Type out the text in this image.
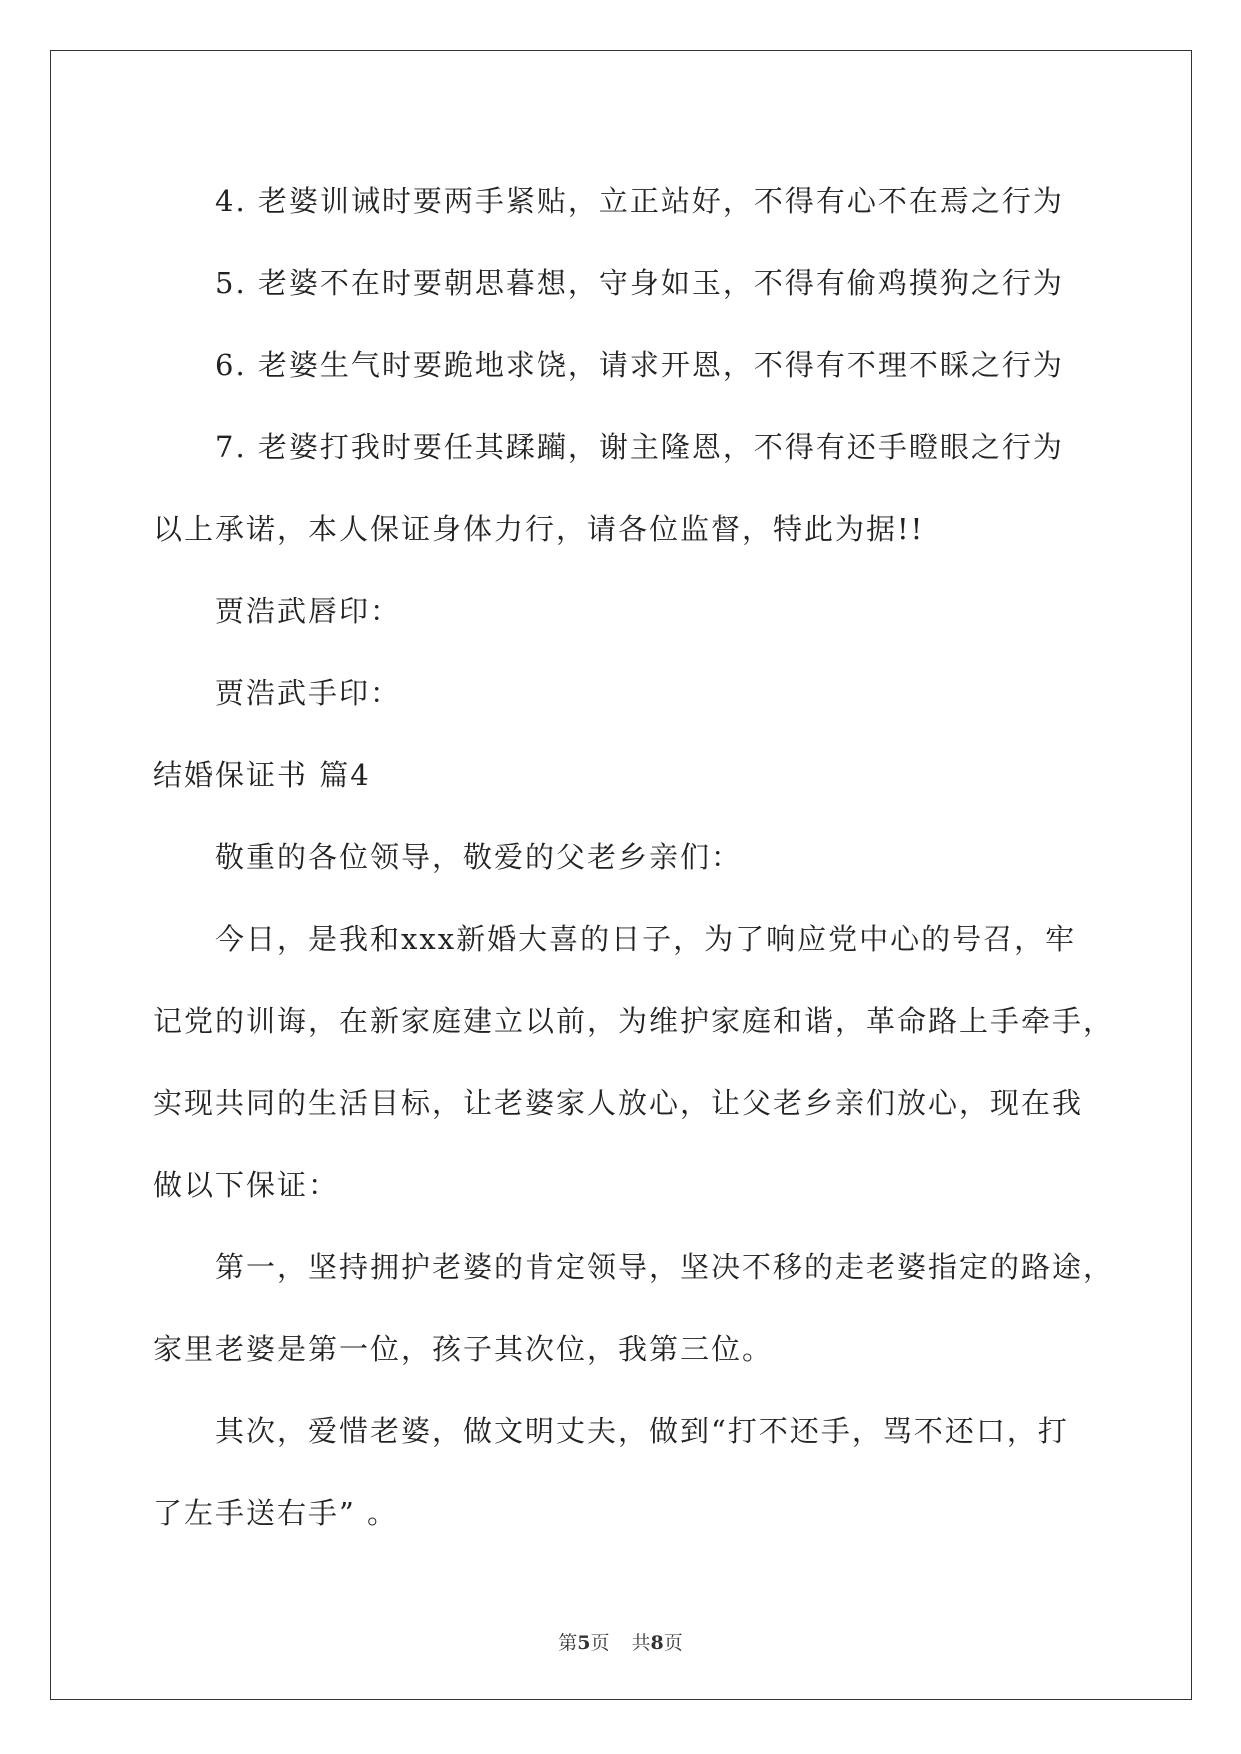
4. 老婆训诫时要两手紧贴，立正站好，不得有心不在焉之行为
5. 老婆不在时要朝思暮想，守身如玉，不得有偷鸡摸狗之行为
6. 老婆生气时要跪地求饶，请求开恩，不得有不理不睬之行为
7. 老婆打我时要任其蹂躏，谢主隆恩，不得有还手瞪眼之行为
以上承诺，本人保证身体力行，请各位监督，特此为据!!
贾浩武唇印：
贾浩武手印：
结婚保证书 篇4
敬重的各位领导，敬爱的父老乡亲们：
今日，是我和xxx新婚大喜的日子，为了响应党中心的号召，牢
记党的训诲，在新家庭建立以前，为维护家庭和谐，革命路上手牵手，
实现共同的生活目标，让老婆家人放心，让父老乡亲们放心，现在我
做以下保证：
第一，坚持拥护老婆的肯定领导，坚决不移的走老婆指定的路途，
家里老婆是第一位，孩子其次位，我第三位。
其次，爱惜老婆，做文明丈夫，做到“打不还手，骂不还口，打
了左手送右手” 。
第5页 共8页
